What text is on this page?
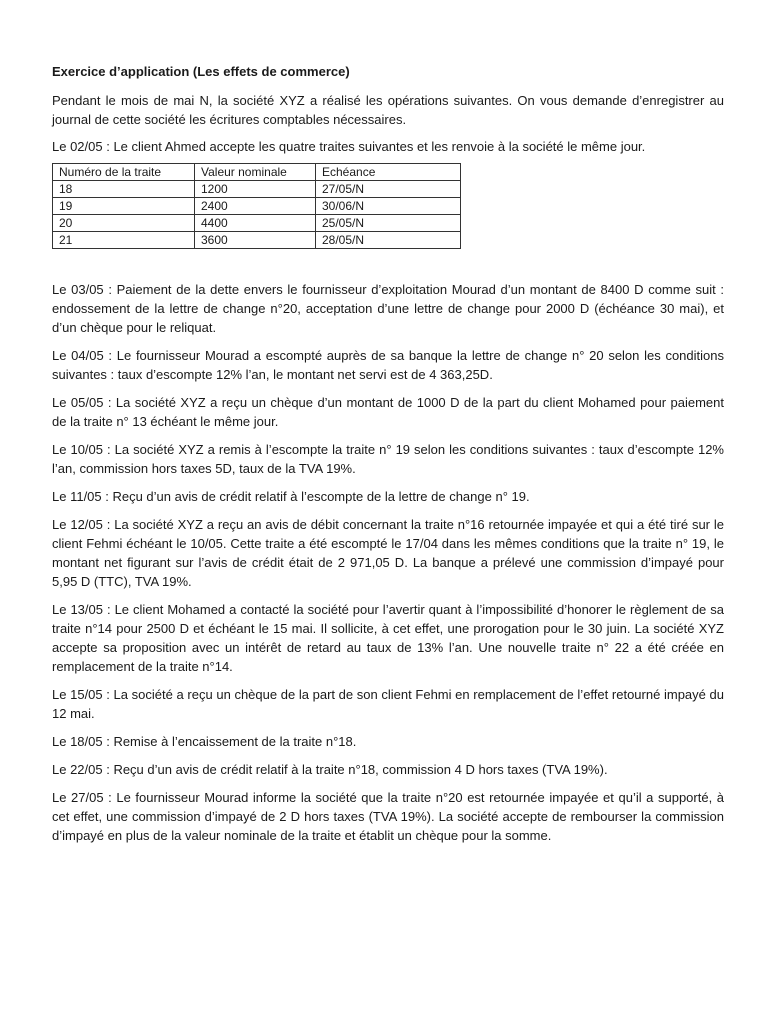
Exercice d’application (Les effets de commerce)

Pendant le mois de mai N, la société XYZ a réalisé les opérations suivantes. On vous demande d’enregistrer au journal de cette société les écritures comptables nécessaires.

Le 02/05 : Le client Ahmed accepte les quatre traites suivantes et les renvoie à la société le même jour.

Numéro de la traite	Valeur nominale	Echéance
18	1200	27/05/N
19	2400	30/06/N
20	4400	25/05/N
21	3600	28/05/N

Le 03/05 : Paiement de la dette envers le fournisseur d’exploitation Mourad d’un montant de 8400 D comme suit : endossement de la lettre de change n°20, acceptation d’une lettre de change pour 2000 D (échéance 30 mai), et d’un chèque pour le reliquat.

Le 04/05 : Le fournisseur Mourad a escompté auprès de sa banque la lettre de change n° 20 selon les conditions suivantes : taux d’escompte 12% l’an, le montant net servi est de 4 363,25D.

Le 05/05 : La société XYZ a reçu un chèque d’un montant de 1000 D de la part du client Mohamed pour paiement de la traite n° 13 échéant le même jour.

Le 10/05 : La société XYZ a remis à l’escompte la traite n° 19 selon les conditions suivantes : taux d’escompte 12% l’an, commission hors taxes 5D, taux de la TVA 19%.

Le 11/05 : Reçu d’un avis de crédit relatif à l’escompte de la lettre de change n° 19.

Le 12/05 : La société XYZ a reçu an avis de débit concernant la traite n°16 retournée impayée et qui a été tiré sur le client Fehmi échéant le 10/05. Cette traite a été escompté le 17/04 dans les mêmes conditions que la traite n° 19, le montant net figurant sur l’avis de crédit était de 2 971,05 D. La banque a prélevé une commission d’impayé pour 5,95 D (TTC), TVA 19%.

Le 13/05 : Le client Mohamed a contacté la société pour l’avertir quant à l’impossibilité d’honorer le règlement de sa traite n°14 pour 2500 D et échéant le 15 mai. Il sollicite, à cet effet, une prorogation pour le 30 juin. La société XYZ accepte sa proposition avec un intérêt de retard au taux de 13% l’an. Une nouvelle traite n° 22 a été créée en remplacement de la traite n°14.

Le 15/05 : La société a reçu un chèque de la part de son client Fehmi en remplacement de l’effet retourné impayé du 12 mai.

Le 18/05 : Remise à l’encaissement de la traite n°18.

Le 22/05 : Reçu d’un avis de crédit relatif à la traite n°18, commission 4 D hors taxes (TVA 19%).

Le 27/05 : Le fournisseur Mourad informe la société que la traite n°20 est retournée impayée et qu’il a supporté, à cet effet, une commission d’impayé de 2 D hors taxes (TVA 19%). La société accepte de rembourser la commission d’impayé en plus de la valeur nominale de la traite et établit un chèque pour la somme.
